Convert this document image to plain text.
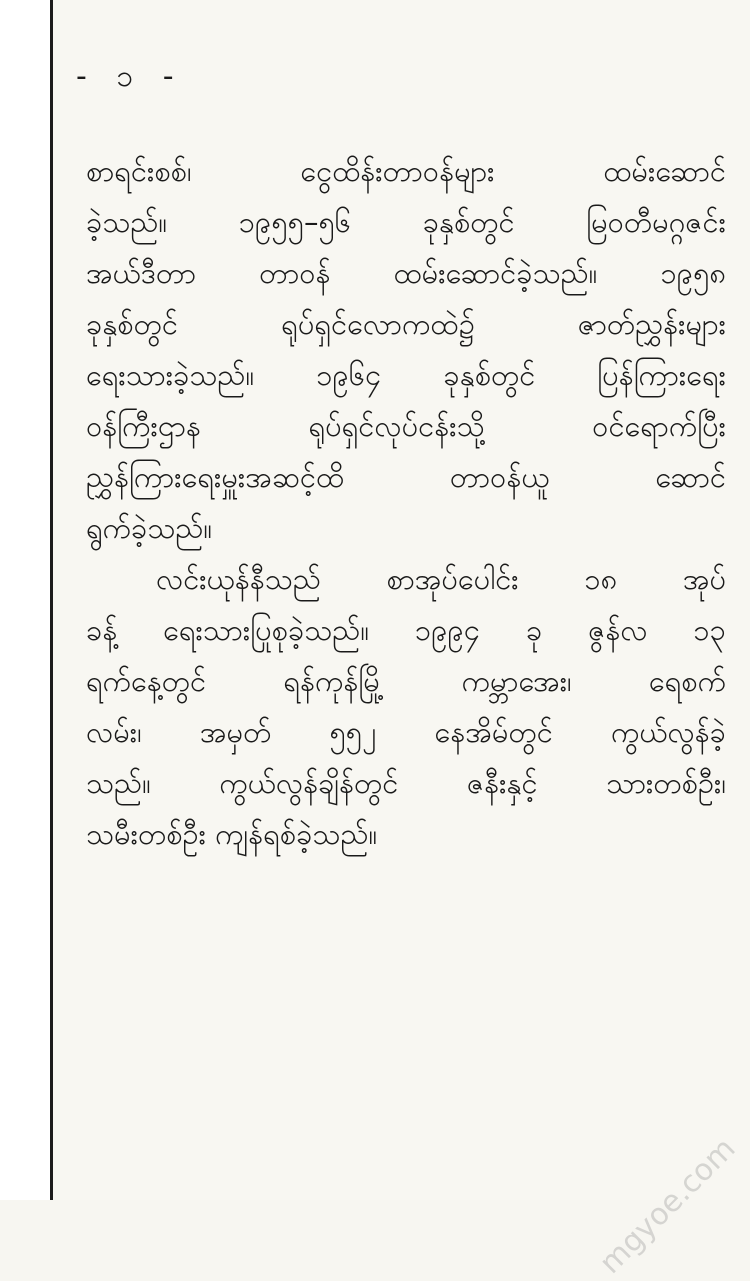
- ၁ -
စာရင်းစစ်၊ ငွေထိန်းတာဝန်များ ထမ်းဆောင်
ခဲ့သည်။ ၁၉၅၅–၅၆ ခုနှစ်တွင် မြဝတီမဂ္ဂဇင်း
အယ်ဒီတာ တာဝန် ထမ်းဆောင်ခဲ့သည်။ ၁၉၅၈
ခုနှစ်တွင် ရုပ်ရှင်လောကထဲ၌ ဇာတ်ညွှန်းများ
ရေးသားခဲ့သည်။ ၁၉၆၄ ခုနှစ်တွင် ပြန်ကြားရေး
ဝန်ကြီးဌာန ရုပ်ရှင်လုပ်ငန်းသို့ ဝင်ရောက်ပြီး
ညွှန်ကြားရေးမှူးအဆင့်ထိ တာဝန်ယူ ဆောင်
ရွက်ခဲ့သည်။
လင်းယုန်နီသည် စာအုပ်ပေါင်း ၁၈ အုပ်
ခန့် ရေးသားပြုစုခဲ့သည်။ ၁၉၉၄ ခု ဇွန်လ ၁၃
ရက်နေ့တွင် ရန်ကုန်မြို့ ကမ္ဘာအေး၊ ရေစက်
လမ်း၊ အမှတ် ၅၅၂ နေအိမ်တွင် ကွယ်လွန်ခဲ့
သည်။ ကွယ်လွန်ချိန်တွင် ဇနီးနှင့် သားတစ်ဦး၊
သမီးတစ်ဦး ကျန်ရစ်ခဲ့သည်။
mgyoe.com
